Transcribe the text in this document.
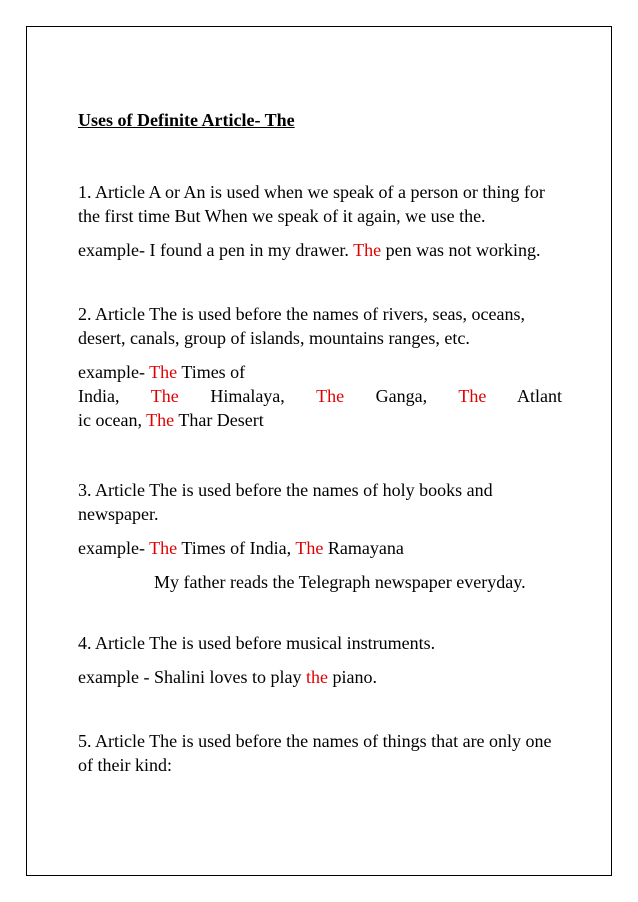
Uses of Definite Article- The

1. Article A or An is used when we speak of a person or thing for the first time But When we speak of it again, we use the.

example- I found a pen in my drawer. The pen was not working.

2. Article The is used before the names of rivers, seas, oceans, desert, canals, group of islands, mountains ranges, etc.

example- The Times of

India, The Himalaya, The Ganga, The Atlant

ic ocean, The Thar Desert

3. Article The is used before the names of holy books and newspaper.

example- The Times of India, The Ramayana

My father reads the Telegraph newspaper everyday.

4. Article The is used before musical instruments.

example - Shalini loves to play the piano.

5. Article The is used before the names of things that are only one of their kind:
